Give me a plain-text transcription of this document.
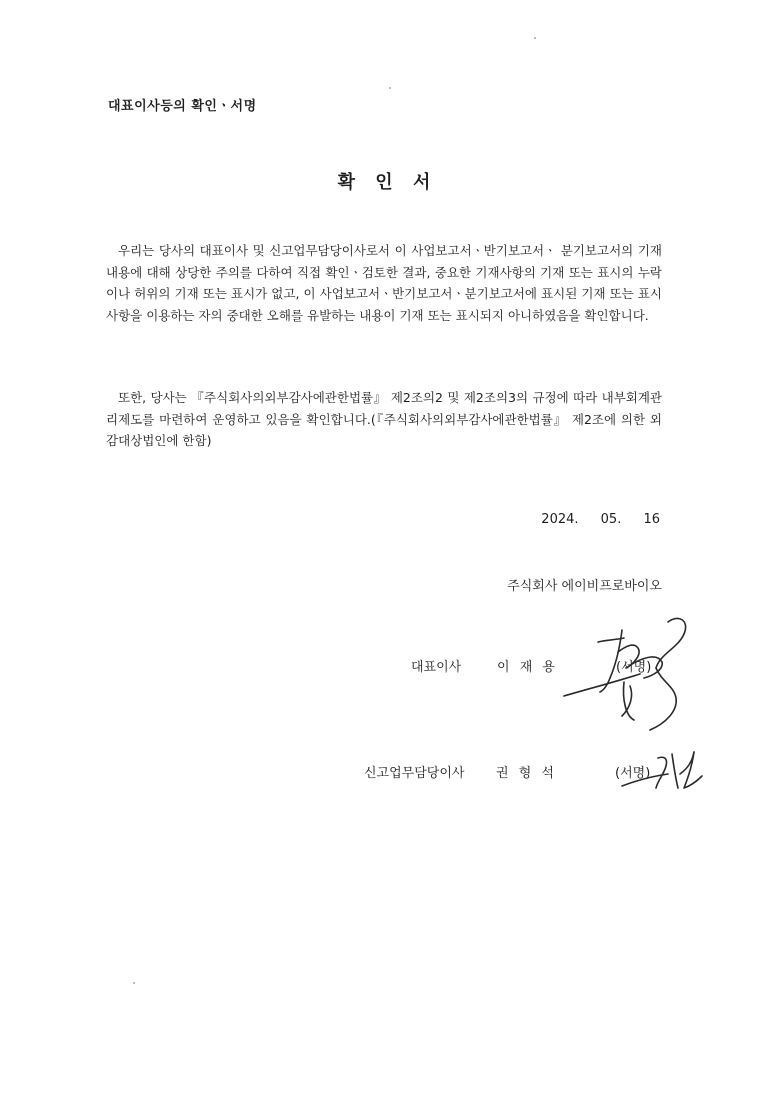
대표이사등의 확인ㆍ서명
확 인 서
우리는 당사의 대표이사 및 신고업무담당이사로서 이 사업보고서ㆍ반기보고서ㆍ 분기보고서의 기재내용에 대해 상당한 주의를 다하여 직접 확인ㆍ검토한 결과, 중요한 기재사항의 기재 또는 표시의 누락이나 허위의 기재 또는 표시가 없고, 이 사업보고서ㆍ반기보고서ㆍ분기보고서에 표시된 기재 또는 표시사항을 이용하는 자의 중대한 오해를 유발하는 내용이 기재 또는 표시되지 아니하였음을 확인합니다.
또한, 당사는 『주식회사의외부감사에관한법률』 제2조의2 및 제2조의3의 규정에 따라 내부회계관리제도를 마련하여 운영하고 있음을 확인합니다.(『주식회사의외부감사에관한법률』 제2조에 의한 외감대상법인에 한함)
2024. 05. 16
주식회사 에이비프로바이오
대표이사	이 재 용	(서명)
신고업무담당이사 권 형 석	(서명)
